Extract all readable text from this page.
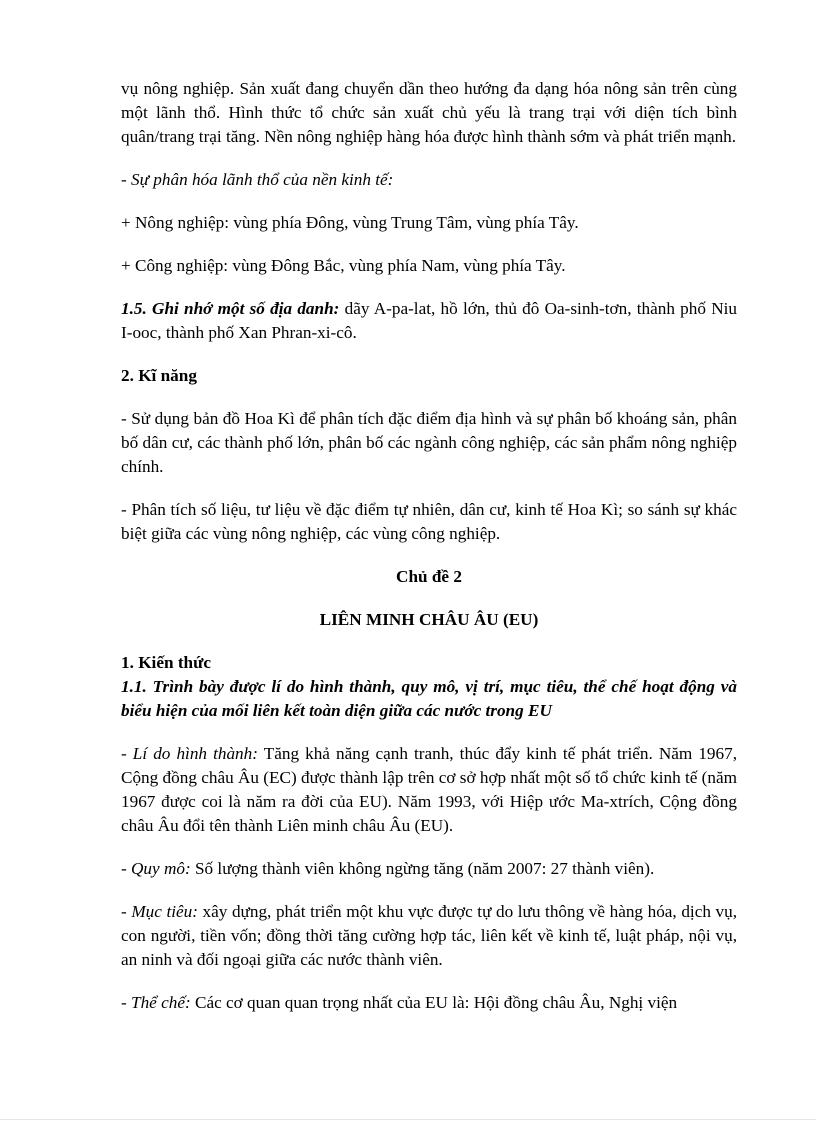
vụ nông nghiệp. Sản xuất đang chuyển dần theo hướng đa dạng hóa nông sản trên cùng một lãnh thổ. Hình thức tổ chức sản xuất chủ yếu là trang trại với diện tích bình quân/trang trại tăng. Nền nông nghiệp hàng hóa được hình thành sớm và phát triển mạnh.

- Sự phân hóa lãnh thổ của nền kinh tế:

+ Nông nghiệp: vùng phía Đông, vùng Trung Tâm, vùng phía Tây.

+ Công nghiệp: vùng Đông Bắc, vùng phía Nam, vùng phía Tây.

1.5. Ghi nhớ một số địa danh: dãy A-pa-lat, hồ lớn, thủ đô Oa-sinh-tơn, thành phố Niu I-ooc, thành phố Xan Phran-xi-cô.

2. Kĩ năng

- Sử dụng bản đồ Hoa Kì để phân tích đặc điểm địa hình và sự phân bố khoáng sản, phân bố dân cư, các thành phố lớn, phân bố các ngành công nghiệp, các sản phẩm nông nghiệp chính.

- Phân tích số liệu, tư liệu về đặc điểm tự nhiên, dân cư, kinh tế Hoa Kì; so sánh sự khác biệt giữa các vùng nông nghiệp, các vùng công nghiệp.

Chủ đề 2

LIÊN MINH CHÂU ÂU (EU)

1. Kiến thức

1.1. Trình bày được lí do hình thành, quy mô, vị trí, mục tiêu, thể chế hoạt động và biểu hiện của mối liên kết toàn diện giữa các nước trong EU

- Lí do hình thành: Tăng khả năng cạnh tranh, thúc đẩy kinh tế phát triển. Năm 1967, Cộng đồng châu Âu (EC) được thành lập trên cơ sở hợp nhất một số tổ chức kinh tế (năm 1967 được coi là năm ra đời của EU). Năm 1993, với Hiệp ước Ma-xtrích, Cộng đồng châu Âu đổi tên thành Liên minh châu Âu (EU).

- Quy mô: Số lượng thành viên không ngừng tăng (năm 2007: 27 thành viên).

- Mục tiêu: xây dựng, phát triển một khu vực được tự do lưu thông về hàng hóa, dịch vụ, con người, tiền vốn; đồng thời tăng cường hợp tác, liên kết về kinh tế, luật pháp, nội vụ, an ninh và đối ngoại giữa các nước thành viên.

- Thể chế: Các cơ quan quan trọng nhất của EU là: Hội đồng châu Âu, Nghị viện
